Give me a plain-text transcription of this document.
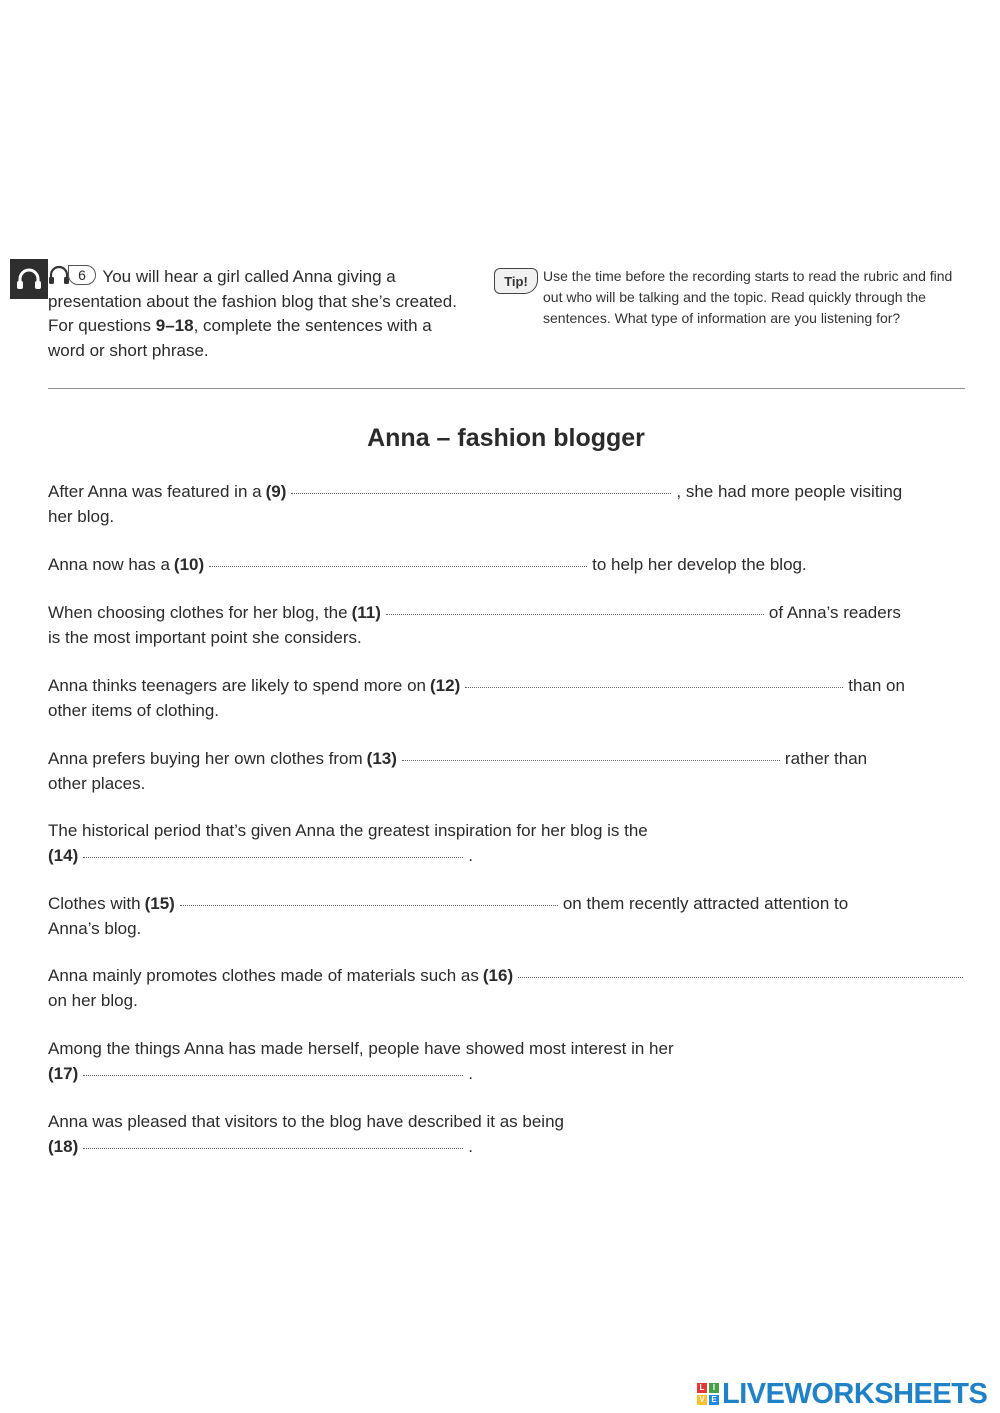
6 You will hear a girl called Anna giving a presentation about the fashion blog that she’s created. For questions 9–18, complete the sentences with a word or short phrase.
Tip!	Use the time before the recording starts to read the rubric and find out who will be talking and the topic. Read quickly through the sentences. What type of information are you listening for?
Anna – fashion blogger
After Anna was featured in a (9)	, she had more people visiting
her blog.
Anna now has a (10)	to help her develop the blog.
When choosing clothes for her blog, the (11)	of Anna’s readers
is the most important point she considers.
Anna thinks teenagers are likely to spend more on (12)	than on
other items of clothing.
Anna prefers buying her own clothes from (13)	rather than
other places.
The historical period that’s given Anna the greatest inspiration for her blog is the
(14)	.
Clothes with (15)	on them recently attracted attention to
Anna’s blog.
Anna mainly promotes clothes made of materials such as (16)
on her blog.
Among the things Anna has made herself, people have showed most interest in her
(17)	.
Anna was pleased that visitors to the blog have described it as being
(18)	.
L	I
V E LIVEWORKSHEETS
